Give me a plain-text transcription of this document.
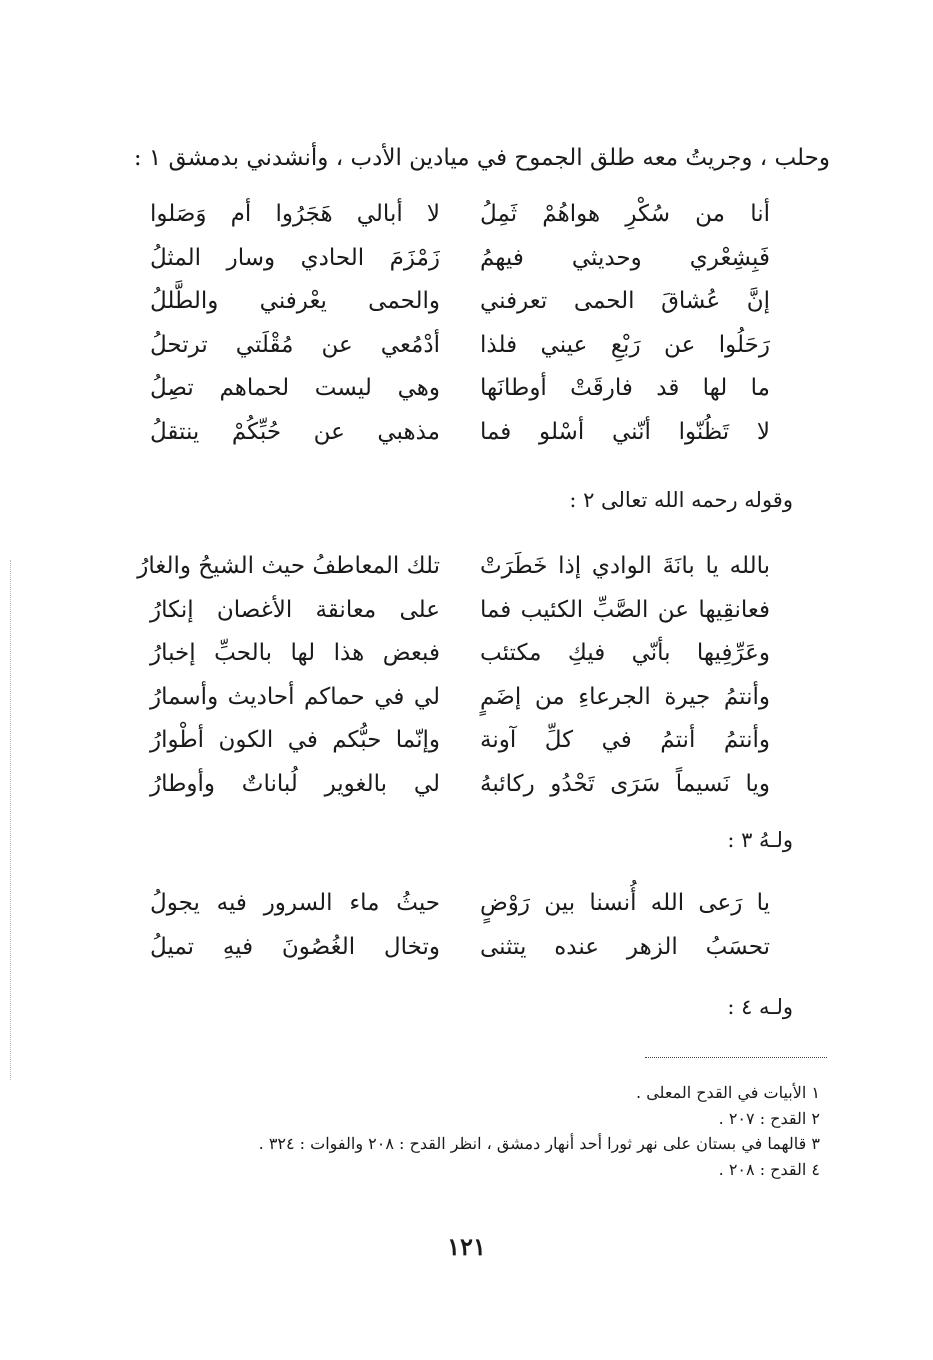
وحلب ، وجريتُ معه طلق الجموح في ميادين الأدب ، وأنشدني بدمشق ١ :
أنا من سُكْرِ هواهُمْ ثَمِلُ
لا أبالي هَجَرُوا أم وَصَلوا
فَبِشِعْري وحديثي فيهمُ
زَمْزَمَ الحادي وسار المثلُ
إنَّ عُشاقَ الحمى تعرفني
والحمى يعْرفني والطَّللُ
رَحَلُوا عن رَبْعِ عيني فلذا
أدْمُعي عن مُقْلَتي ترتحلُ
ما لها قد فارقَتْ أوطانَها
وهي ليست لحماهم تصِلُ
لا تَظُنّوا أنّني أسْلو فما
مذهبي عن حُبِّكُمْ ينتقلُ
وقوله رحمه الله تعالى ٢ :
بالله يا بانَةَ الوادي إذا خَطَرَتْ
تلك المعاطفُ حيث الشيحُ والغارُ
فعانقِيها عن الصَّبِّ الكئيب فما
على معانقة الأغصان إنكارُ
وعَرِّفِيها بأنّي فيكِ مكتئب
فبعض هذا لها بالحبِّ إخبارُ
وأنتمُ جيرة الجرعاءِ من إضَمٍ
لي في حماكم أحاديث وأسمارُ
وأنتمُ أنتمُ في كلِّ آونة
وإنّما حبُّكم في الكون أطْوارُ
ويا نَسيماً سَرَى تَحْدُو ركائبهُ
لي بالغوير لُباناتٌ وأوطارُ
ولـهُ ٣ :
يا رَعى الله أُنسنا بين رَوْضٍ
حيثُ ماء السرور فيه يجولُ
تحسَبُ الزهر عنده يتثنى
وتخال الغُصُونَ فيهِ تميلُ
ولـه ٤ :
١ الأبيات في القدح المعلى .
٢ القدح : ٢٠٧ .
٣ قالهما في بستان على نهر ثورا أحد أنهار دمشق ، انظر القدح : ٢٠٨ والفوات : ٣٢٤ .
٤ القدح : ٢٠٨ .
١٢١
